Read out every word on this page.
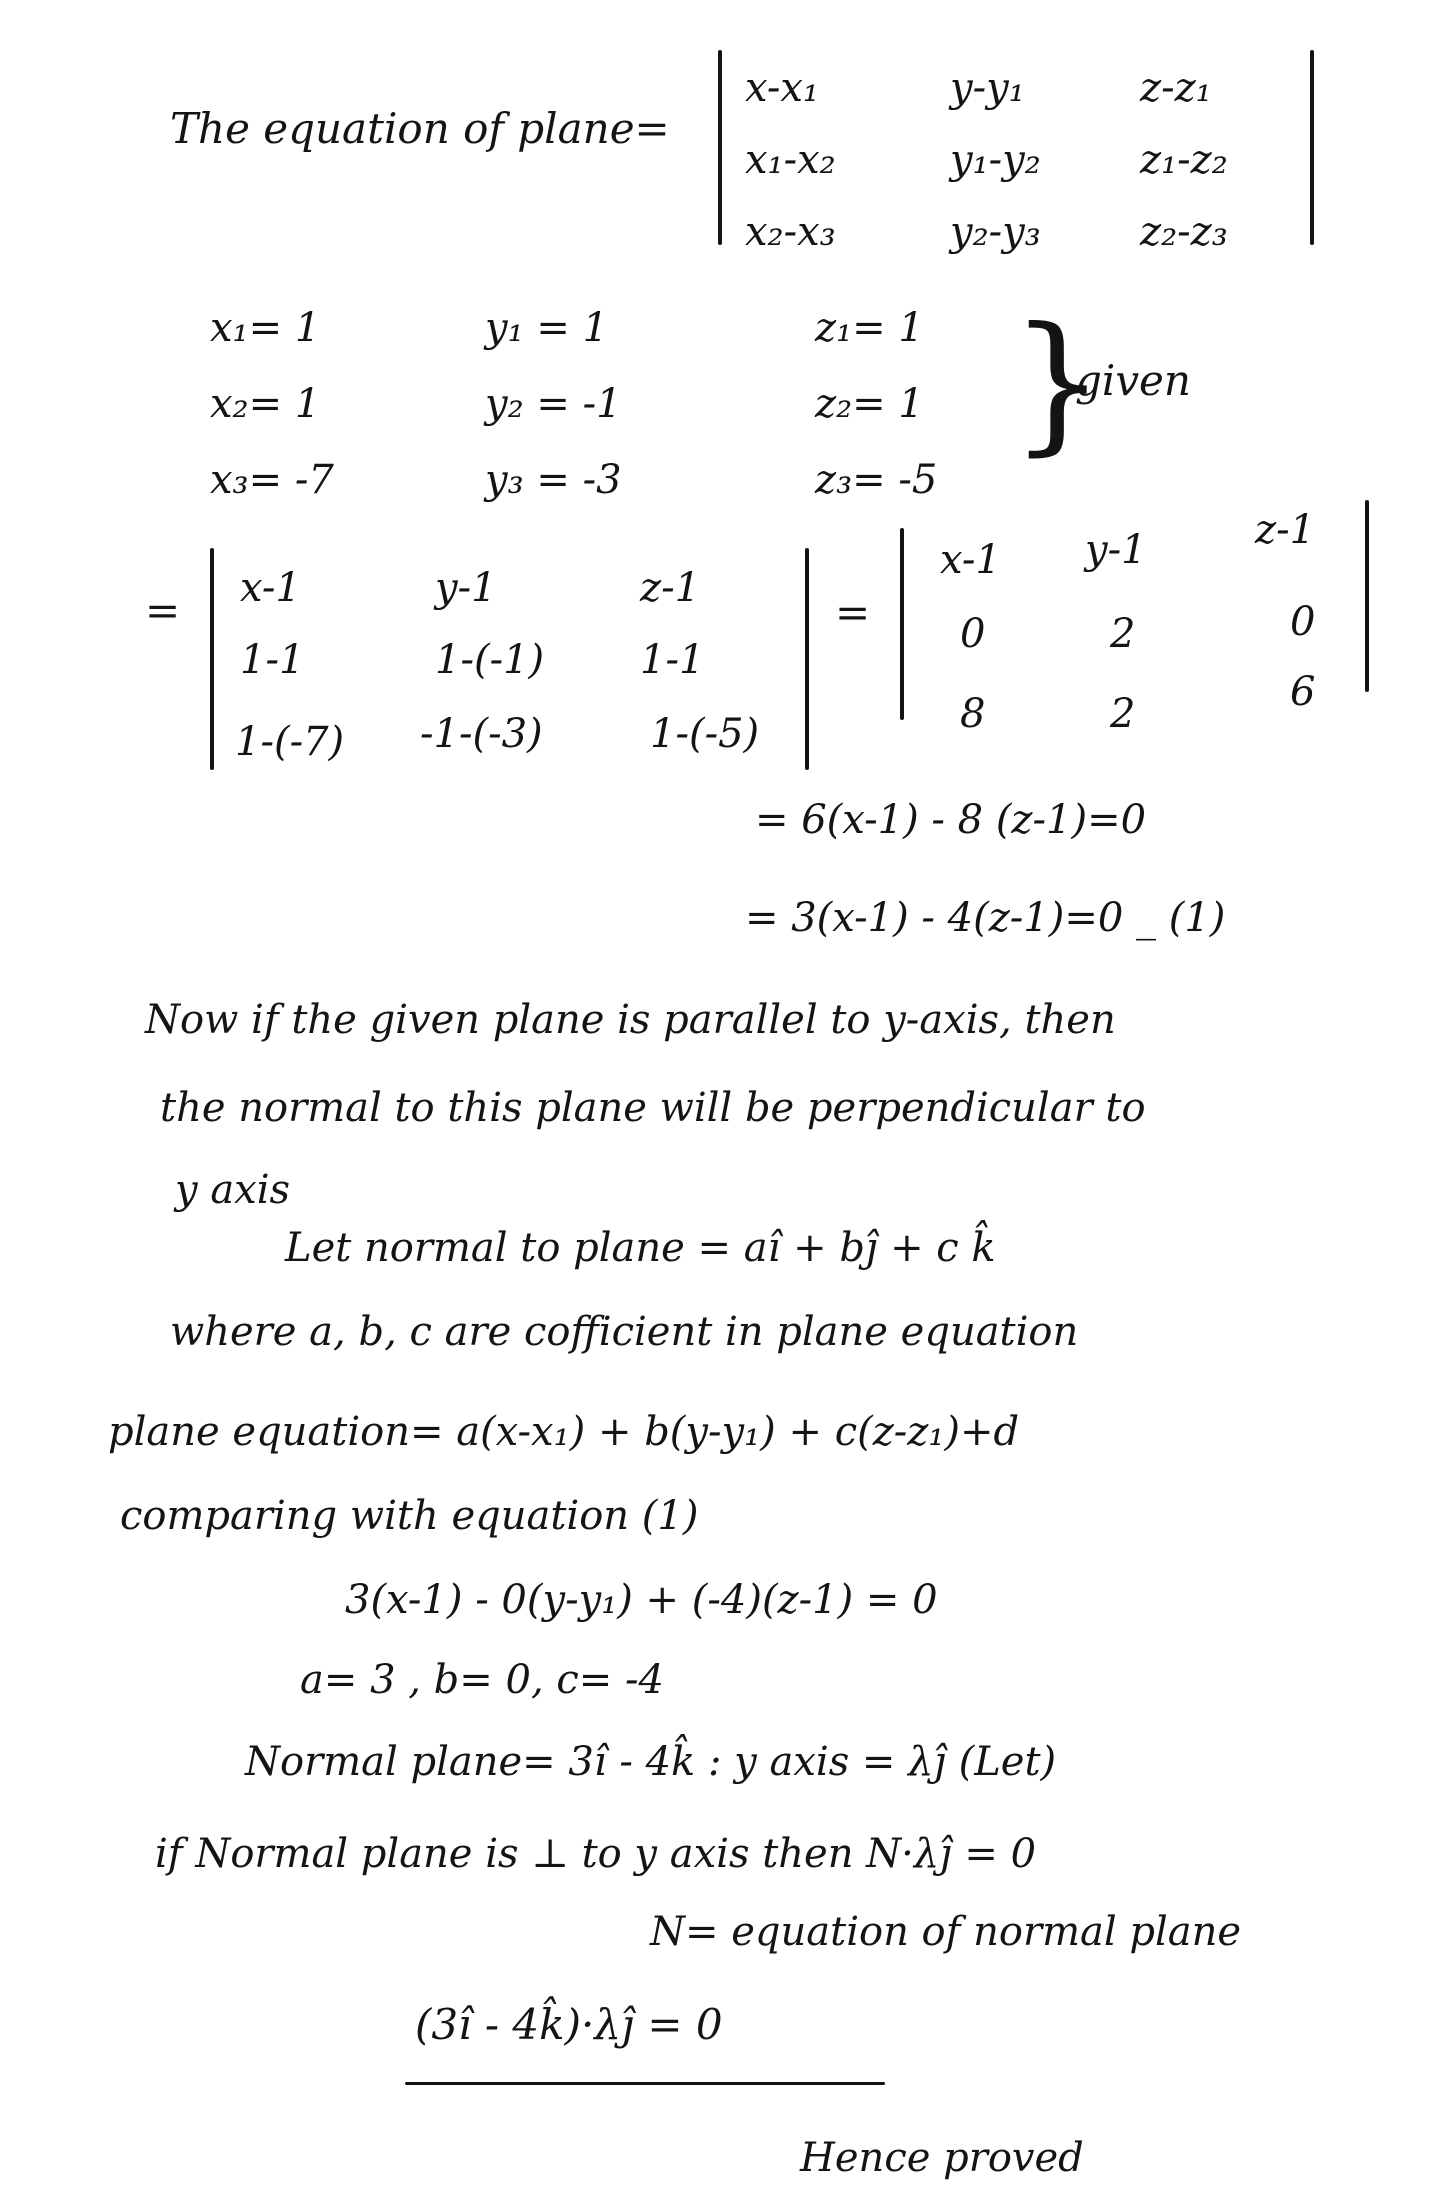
The equation of plane=
x-x₁	y-y₁	z-z₁
x₁-x₂	y₁-y₂ z₁-z₂
x₂-x₃	y₂-y₃ z₂-z₃
x₁= 1	y₁ = 1	z₁= 1
x₂= 1	y₂ = -1	z₂= 1
x₃= -7	y₃ = -3	z₃= -5
}
given
= x-1	y-1	z-1
1-1	1-(-1) 1-1
1-(-7) -1-(-3)	1-(-5)
=
x-1 y-1	z-1
0	2	0
8	2	6
= 6(x-1) - 8 (z-1)=0
= 3(x-1) - 4(z-1)=0 _ (1)
Now if the given plane is parallel to y-axis, then
the normal to this plane will be perpendicular to
y axis
Let normal to plane = aî + bĵ + c k̂
where a, b, c are cofficient in plane equation
plane equation= a(x-x₁) + b(y-y₁) + c(z-z₁)+d
comparing with equation (1)
3(x-1) - 0(y-y₁) + (-4)(z-1) = 0
a= 3 , b= 0, c= -4
Normal plane= 3î - 4k̂ : y axis = λĵ (Let)
if Normal plane is ⊥ to y axis then N·λĵ = 0
N= equation of normal plane
(3î - 4k̂)·λĵ = 0
Hence proved
